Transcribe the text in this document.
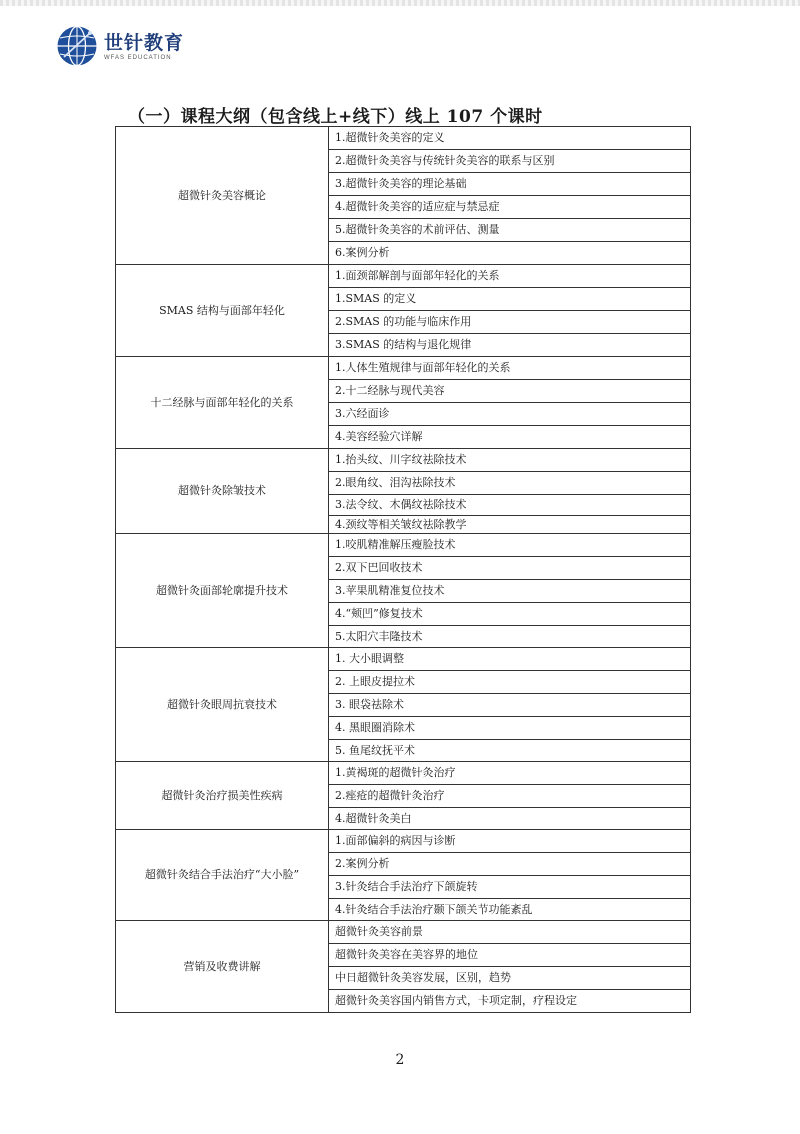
世针教育
WFAS EDUCATION
（一）课程大纲（包含线上+线下）线上 107 个课时
超微针灸美容概论	1.超微针灸美容的定义
	2.超微针灸美容与传统针灸美容的联系与区别
	3.超微针灸美容的理论基础
	4.超微针灸美容的适应症与禁忌症
	5.超微针灸美容的术前评估、测量
	6.案例分析
SMAS 结构与面部年轻化	1.面颈部解剖与面部年轻化的关系
	1.SMAS 的定义
	2.SMAS 的功能与临床作用
	3.SMAS 的结构与退化规律
十二经脉与面部年轻化的关系	1.人体生殖规律与面部年轻化的关系
	2.十二经脉与现代美容
	3.六经面诊
	4.美容经验穴详解
超微针灸除皱技术	1.抬头纹、川字纹祛除技术
	2.眼角纹、泪沟祛除技术
	3.法令纹、木偶纹祛除技术
	4.颈纹等相关皱纹祛除教学
超微针灸面部轮廓提升技术	1.咬肌精准解压瘦脸技术
	2.双下巴回收技术
	3.苹果肌精准复位技术
	4.“颊凹”修复技术
	5.太阳穴丰隆技术
超微针灸眼周抗衰技术	1. 大小眼调整
	2. 上眼皮提拉术
	3. 眼袋祛除术
	4. 黑眼圈消除术
	5. 鱼尾纹抚平术
超微针灸治疗损美性疾病	1.黄褐斑的超微针灸治疗
	2.痤疮的超微针灸治疗
	4.超微针灸美白
超微针灸结合手法治疗“大小脸”	1.面部偏斜的病因与诊断
	2.案例分析
	3.针灸结合手法治疗下颌旋转
	4.针灸结合手法治疗颞下颌关节功能紊乱
营销及收费讲解	超微针灸美容前景
	超微针灸美容在美容界的地位
	中日超微针灸美容发展，区别，趋势
	超微针灸美容国内销售方式，卡项定制，疗程设定
2
